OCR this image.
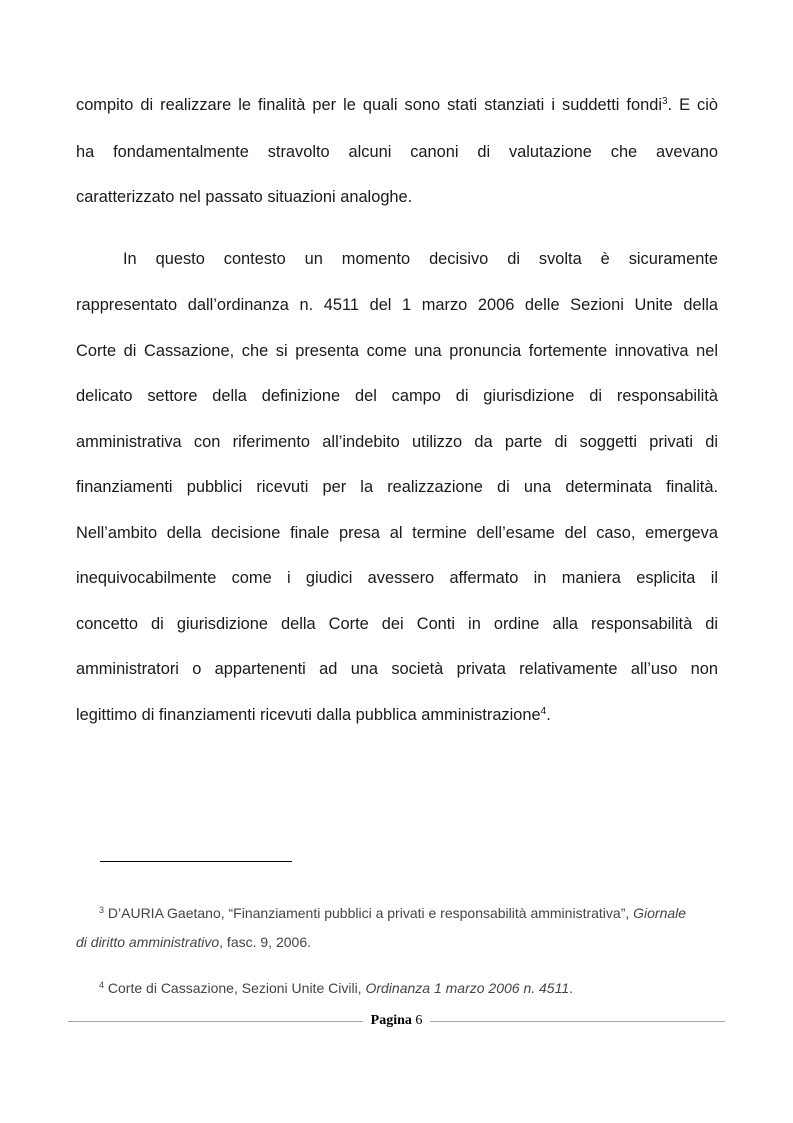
compito di realizzare le finalità per le quali sono stati stanziati i suddetti fondi$^3$. E ciò
ha fondamentalmente stravolto alcuni canoni di valutazione che avevano
caratterizzato nel passato situazioni analoghe.
In questo contesto un momento decisivo di svolta è sicuramente
rappresentato dall’ordinanza n. 4511 del 1 marzo 2006 delle Sezioni Unite della
Corte di Cassazione, che si presenta come una pronuncia fortemente innovativa nel
delicato settore della definizione del campo di giurisdizione di responsabilità
amministrativa con riferimento all’indebito utilizzo da parte di soggetti privati di
finanziamenti pubblici ricevuti per la realizzazione di una determinata finalità.
Nell’ambito della decisione finale presa al termine dell’esame del caso, emergeva
inequivocabilmente come i giudici avessero affermato in maniera esplicita il
concetto di giurisdizione della Corte dei Conti in ordine alla responsabilità di
amministratori o appartenenti ad una società privata relativamente all’uso non
legittimo di finanziamenti ricevuti dalla pubblica amministrazione$^4$.
$^3$ D’AURIA Gaetano, “Finanziamenti pubblici a privati e responsabilità amministrativa”, Giornale
di diritto amministrativo, fasc. 9, 2006.
$^4$ Corte di Cassazione, Sezioni Unite Civili, Ordinanza 1 marzo 2006 n. 4511.
Pagina 6
